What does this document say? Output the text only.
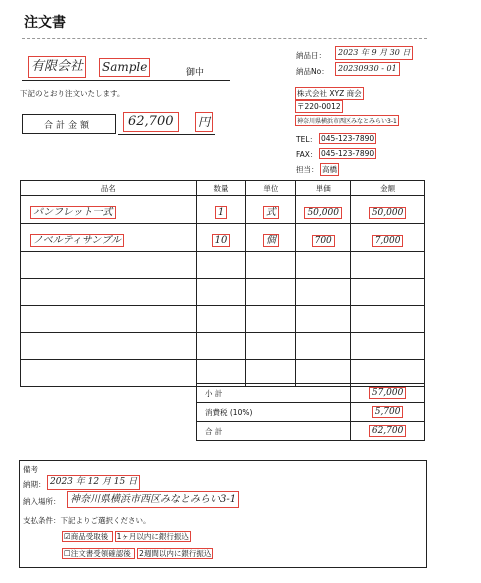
注文書
有限会社 Sample	御中
下記のとおり注文いたします。
合計金額	62,700	円
納品日： 2023 年 9 月 30 日
納品No： 20230930 - 01
株式会社 XYZ 商会
〒220-0012
神奈川県横浜市西区みなとみらい3-1
TEL： 045-123-7890
FAX： 045-123-7890
担当： 高橋
品名	数量	単位	単価	金額
パンフレット一式	1	式	50,000	50,000
ノベルティサンプル	10	個	700	7,000

小 計	57,000
消費税 (10%)	5,700
合 計	62,700
備考
納期： 2023 年 12 月 15 日
納入場所： 神奈川県横浜市西区みなとみらい3-1
支払条件：下記よりご選択ください。
☑商品受取後 1ヶ月以内に銀行振込
☐注文書受領確認後 2週間以内に銀行振込
